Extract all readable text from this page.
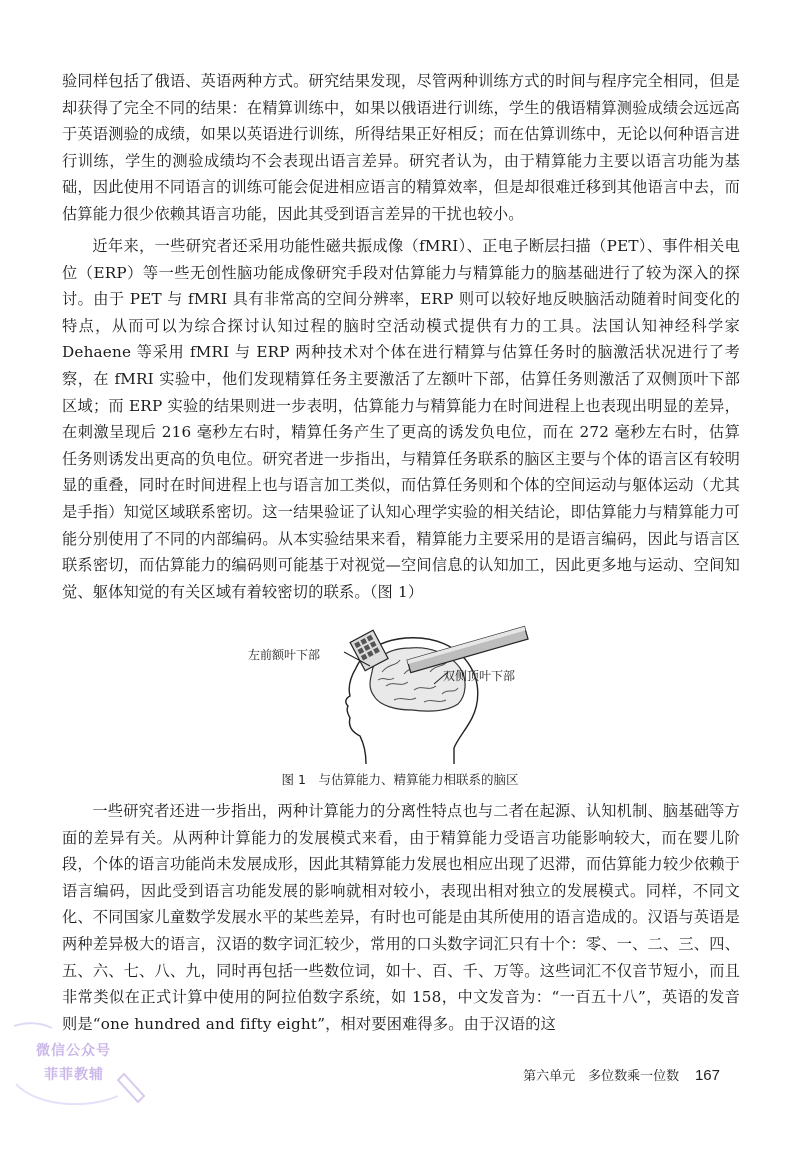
验同样包括了俄语、英语两种方式。研究结果发现，尽管两种训练方式的时间与程序完全相同，但是却获得了完全不同的结果：在精算训练中，如果以俄语进行训练，学生的俄语精算测验成绩会远远高于英语测验的成绩，如果以英语进行训练，所得结果正好相反；而在估算训练中，无论以何种语言进行训练，学生的测验成绩均不会表现出语言差异。研究者认为，由于精算能力主要以语言功能为基础，因此使用不同语言的训练可能会促进相应语言的精算效率，但是却很难迁移到其他语言中去，而估算能力很少依赖其语言功能，因此其受到语言差异的干扰也较小。

近年来，一些研究者还采用功能性磁共振成像（fMRI）、正电子断层扫描（PET）、事件相关电位（ERP）等一些无创性脑功能成像研究手段对估算能力与精算能力的脑基础进行了较为深入的探讨。由于 PET 与 fMRI 具有非常高的空间分辨率，ERP 则可以较好地反映脑活动随着时间变化的特点，从而可以为综合探讨认知过程的脑时空活动模式提供有力的工具。法国认知神经科学家 Dehaene 等采用 fMRI 与 ERP 两种技术对个体在进行精算与估算任务时的脑激活状况进行了考察，在 fMRI 实验中，他们发现精算任务主要激活了左额叶下部，估算任务则激活了双侧顶叶下部区域；而 ERP 实验的结果则进一步表明，估算能力与精算能力在时间进程上也表现出明显的差异，在刺激呈现后 216 毫秒左右时，精算任务产生了更高的诱发负电位，而在 272 毫秒左右时，估算任务则诱发出更高的负电位。研究者进一步指出，与精算任务联系的脑区主要与个体的语言区有较明显的重叠，同时在时间进程上也与语言加工类似，而估算任务则和个体的空间运动与躯体运动（尤其是手指）知觉区域联系密切。这一结果验证了认知心理学实验的相关结论，即估算能力与精算能力可能分别使用了不同的内部编码。从本实验结果来看，精算能力主要采用的是语言编码，因此与语言区联系密切，而估算能力的编码则可能基于对视觉—空间信息的认知加工，因此更多地与运动、空间知觉、躯体知觉的有关区域有着较密切的联系。（图 1）

左前额叶下部
双侧顶叶下部
图 1　与估算能力、精算能力相联系的脑区

一些研究者还进一步指出，两种计算能力的分离性特点也与二者在起源、认知机制、脑基础等方面的差异有关。从两种计算能力的发展模式来看，由于精算能力受语言功能影响较大，而在婴儿阶段，个体的语言功能尚未发展成形，因此其精算能力发展也相应出现了迟滞，而估算能力较少依赖于语言编码，因此受到语言功能发展的影响就相对较小，表现出相对独立的发展模式。同样，不同文化、不同国家儿童数学发展水平的某些差异，有时也可能是由其所使用的语言造成的。汉语与英语是两种差异极大的语言，汉语的数字词汇较少，常用的口头数字词汇只有十个：零、一、二、三、四、五、六、七、八、九，同时再包括一些数位词，如十、百、千、万等。这些词汇不仅音节短小，而且非常类似在正式计算中使用的阿拉伯数字系统，如 158，中文发音为：“一百五十八”，英语的发音则是“one hundred and fifty eight”，相对要困难得多。由于汉语的这

微信公众号
菲菲教辅	第六单元　多位数乘一位数 167
